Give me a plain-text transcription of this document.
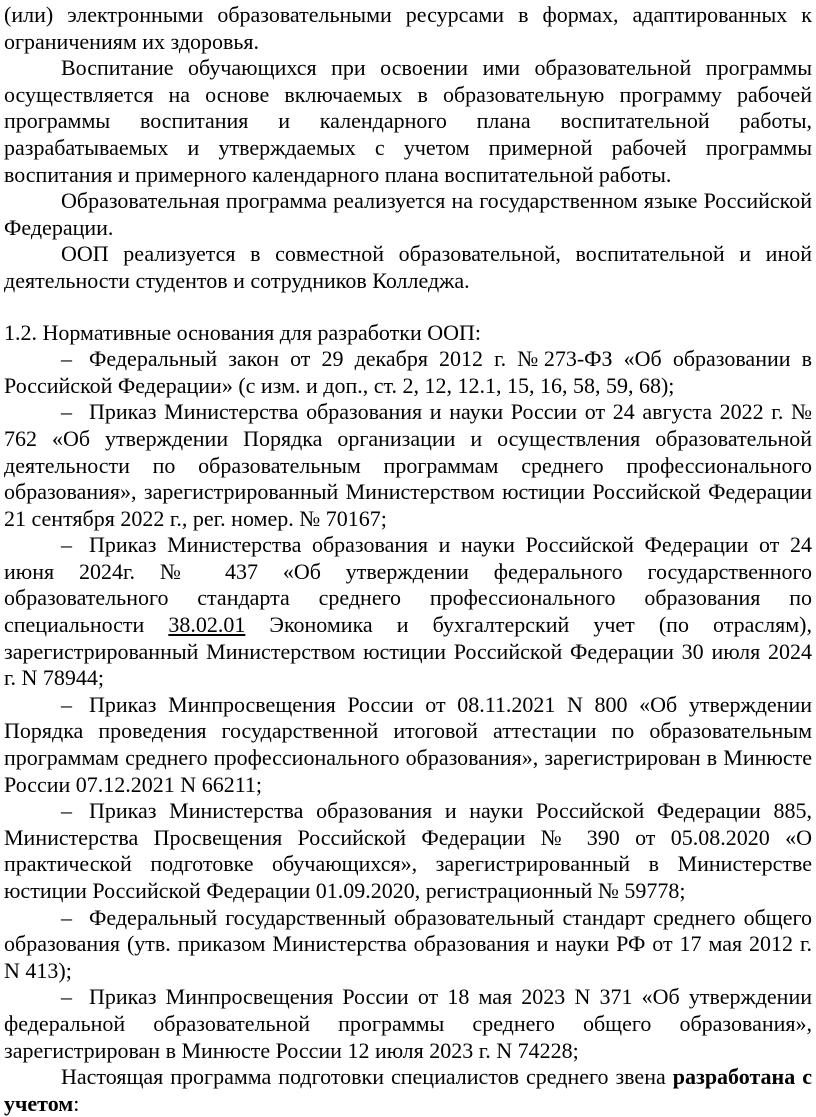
(или) электронными образовательными ресурсами в формах, адаптированных к ограничениям их здоровья.

Воспитание обучающихся при освоении ими образовательной программы осуществляется на основе включаемых в образовательную программу рабочей программы воспитания и календарного плана воспитательной работы, разрабатываемых и утверждаемых с учетом примерной рабочей программы воспитания и примерного календарного плана воспитательной работы.

Образовательная программа реализуется на государственном языке Российской Федерации.

ООП реализуется в совместной образовательной, воспитательной и иной деятельности студентов и сотрудников Колледжа.

1.2. Нормативные основания для разработки ООП:

– Федеральный закон от 29 декабря 2012 г. №273-ФЗ «Об образовании в Российской Федерации» (с изм. и доп., ст. 2, 12, 12.1, 15, 16, 58, 59, 68);

– Приказ Министерства образования и науки России от 24 августа 2022 г. № 762 «Об утверждении Порядка организации и осуществления образовательной деятельности по образовательным программам среднего профессионального образования», зарегистрированный Министерством юстиции Российской Федерации 21 сентября 2022 г., рег. номер. № 70167;

– Приказ Министерства образования и науки Российской Федерации от 24 июня 2024г. № 437 «Об утверждении федерального государственного образовательного стандарта среднего профессионального образования по специальности 38.02.01 Экономика и бухгалтерский учет (по отраслям), зарегистрированный Министерством юстиции Российской Федерации 30 июля 2024 г. N 78944;

– Приказ Минпросвещения России от 08.11.2021 N 800 «Об утверждении Порядка проведения государственной итоговой аттестации по образовательным программам среднего профессионального образования», зарегистрирован в Минюсте России 07.12.2021 N 66211;

– Приказ Министерства образования и науки Российской Федерации 885, Министерства Просвещения Российской Федерации № 390 от 05.08.2020 «О практической подготовке обучающихся», зарегистрированный в Министерстве юстиции Российской Федерации 01.09.2020, регистрационный № 59778;

– Федеральный государственный образовательный стандарт среднего общего образования (утв. приказом Министерства образования и науки РФ от 17 мая 2012 г. N 413);

– Приказ Минпросвещения России от 18 мая 2023 N 371 «Об утверждении федеральной образовательной программы среднего общего образования», зарегистрирован в Минюсте России 12 июля 2023 г. N 74228;

Настоящая программа подготовки специалистов среднего звена разработана с учетом:
